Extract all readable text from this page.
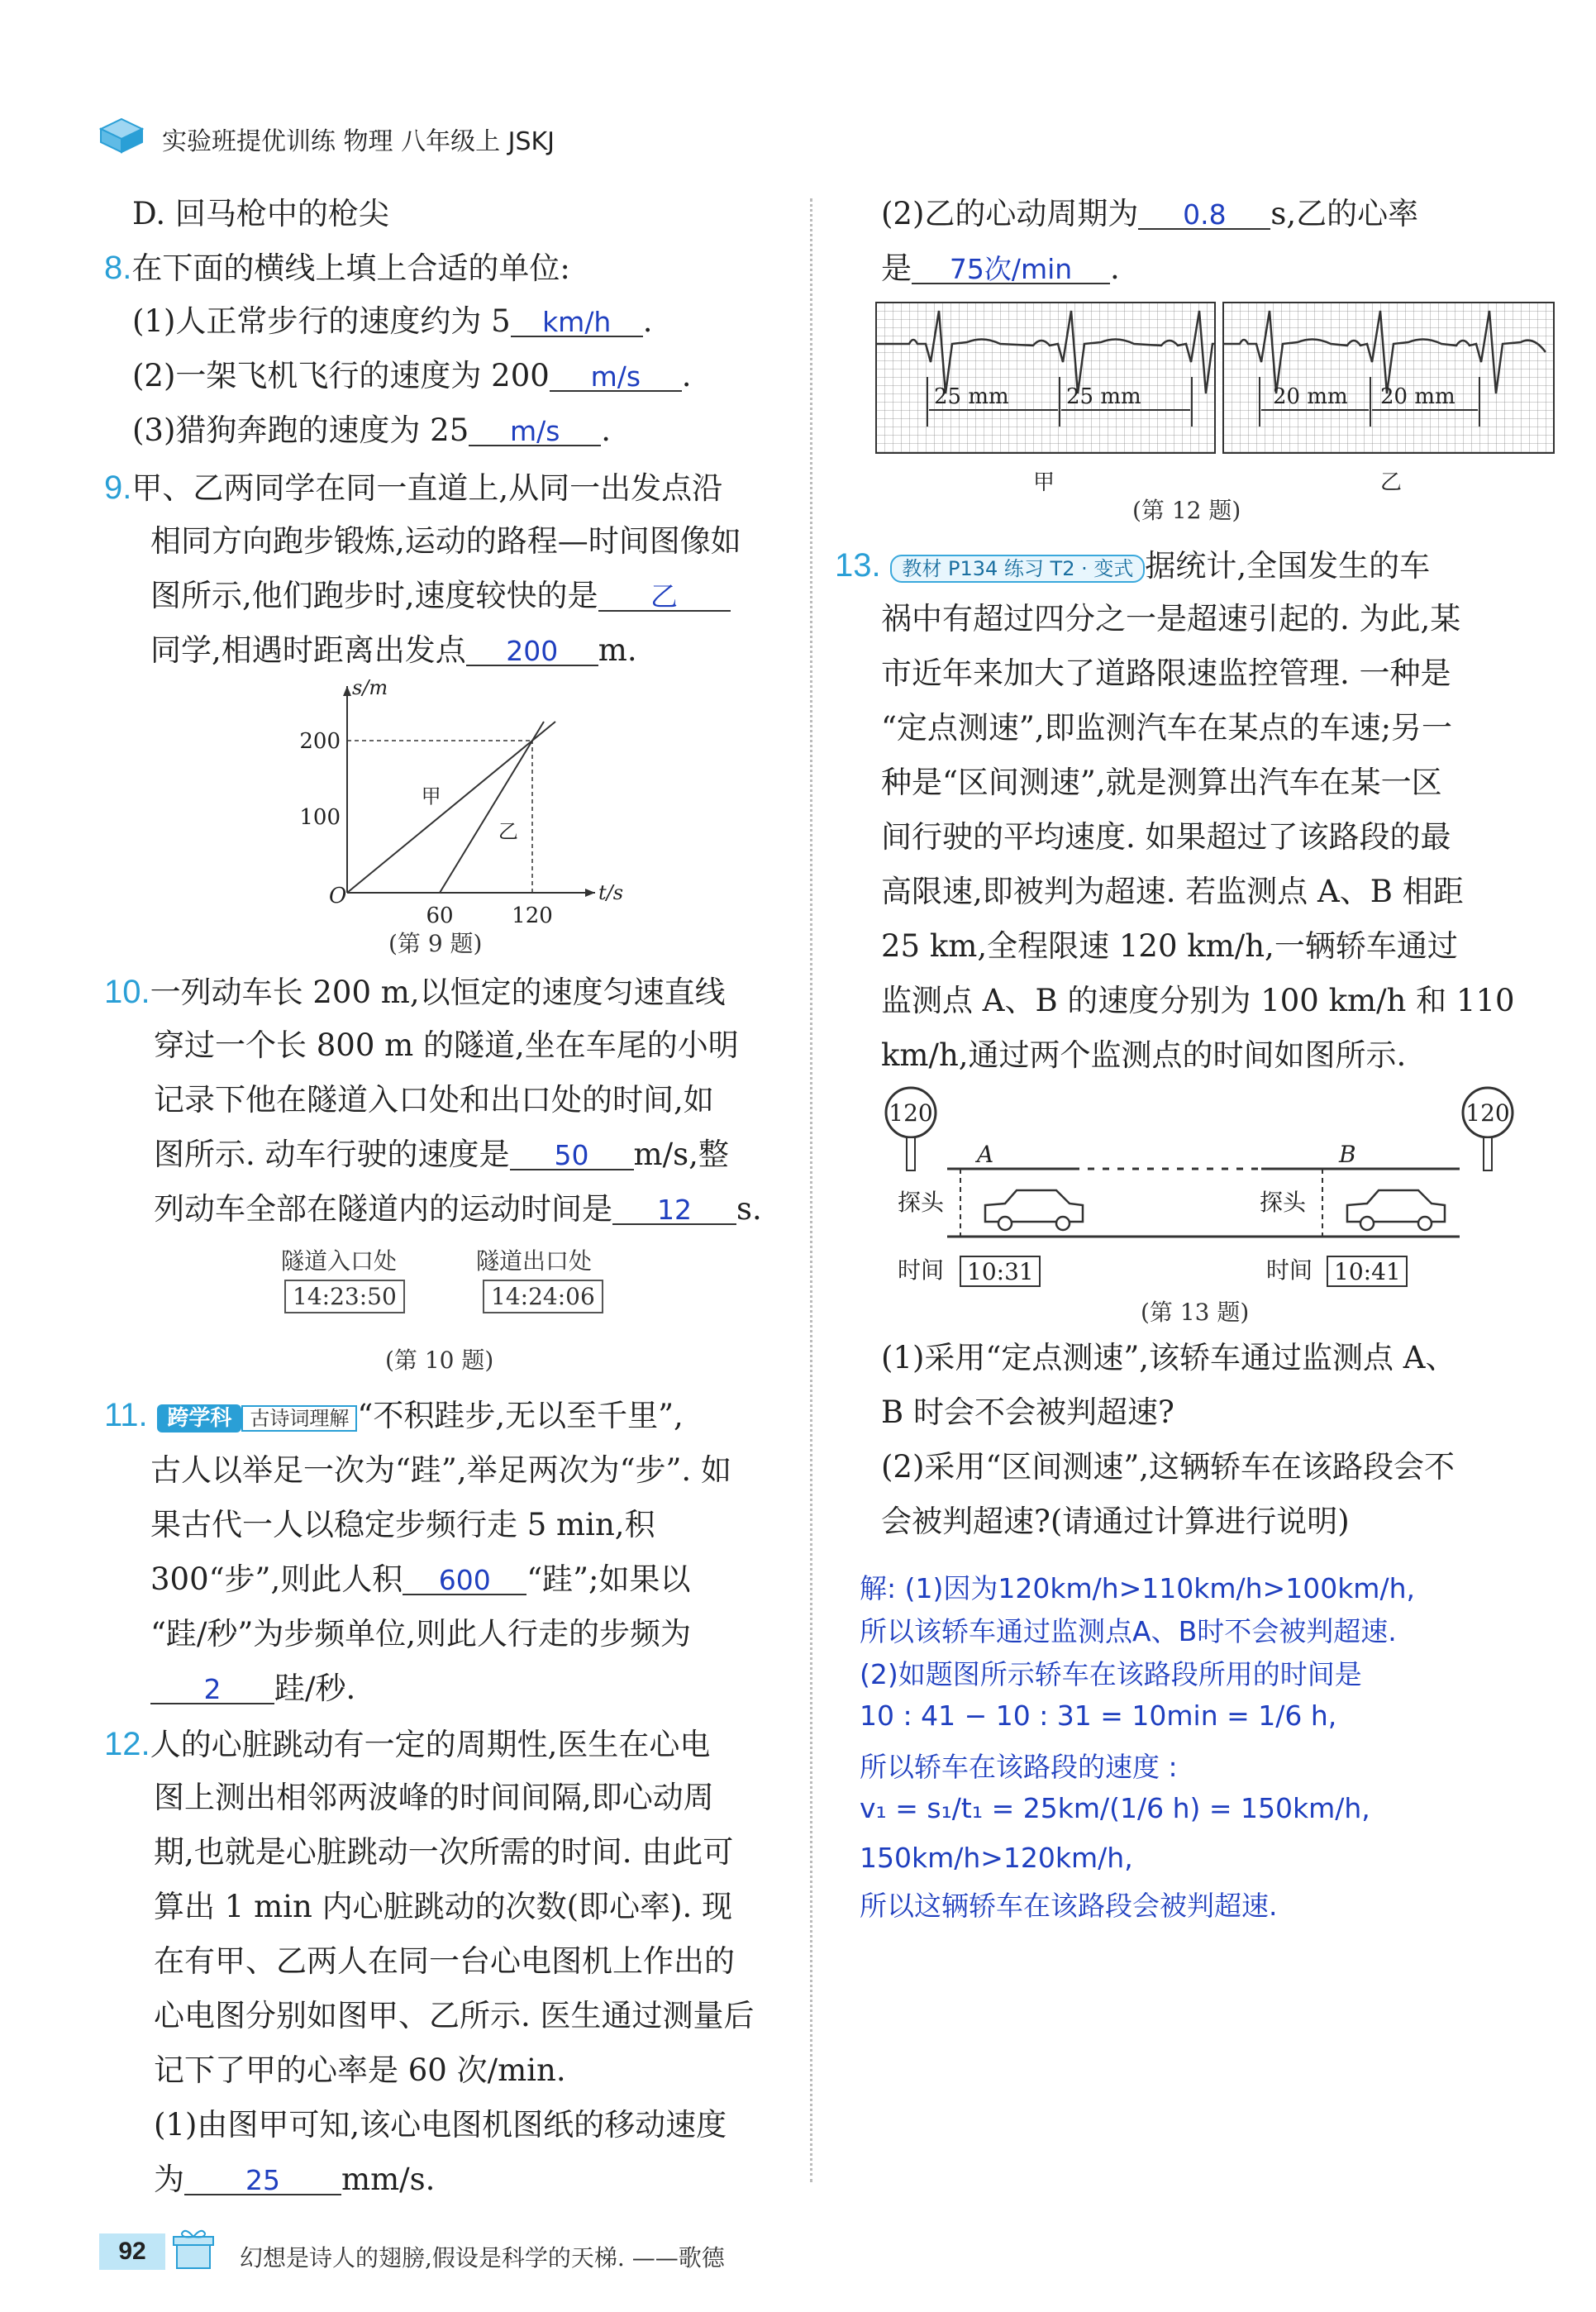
实验班提优训练 物理 八年级上 JSKJ
D. 回马枪中的枪尖
8.在下面的横线上填上合适的单位:
(1)人正常步行的速度约为 5 km/h .
(2)一架飞机飞行的速度为 200 m/s .
(3)猎狗奔跑的速度为 25 m/s .
9.甲、乙两同学在同一直道上,从同一出发点沿
相同方向跑步锻炼,运动的路程—时间图像如
图所示,他们跑步时,速度较快的是 乙
同学,相遇时距离出发点 200 m.
t/s
s/m
O
60	120
100
200
甲
乙
(第 9 题)
10.一列动车长 200 m,以恒定的速度匀速直线
穿过一个长 800 m 的隧道,坐在车尾的小明
记录下他在隧道入口处和出口处的时间,如
图所示. 动车行驶的速度是 50 m/s,整
列动车全部在隧道内的运动时间是 12 s.
隧道入口处
14:23:50
隧道出口处
14:24:06
(第 10 题)
11. 跨学科 古诗词理解 “不积跬步,无以至千里”,
古人以举足一次为“跬”,举足两次为“步”. 如
果古代一人以稳定步频行走 5 min,积
300“步”,则此人积 600 “跬”;如果以
“跬/秒”为步频单位,则此人行走的步频为
2 跬/秒.
12.人的心脏跳动有一定的周期性,医生在心电
图上测出相邻两波峰的时间间隔,即心动周
期,也就是心脏跳动一次所需的时间. 由此可
算出 1 min 内心脏跳动的次数(即心率). 现
在有甲、乙两人在同一台心电图机上作出的
心电图分别如图甲、乙所示. 医生通过测量后
记下了甲的心率是 60 次/min.
(1)由图甲可知,该心电图机图纸的移动速度
为 25 mm/s.
(2)乙的心动周期为 0.8 s,乙的心率
是 75次/min .
25 mm	25 mm	20 mm 20 mm
甲	乙
(第 12 题)
13. 教材 P134 练习 T2 · 变式 据统计,全国发生的车
祸中有超过四分之一是超速引起的. 为此,某
市近年来加大了道路限速监控管理. 一种是
“定点测速”,即监测汽车在某点的车速;另一
种是“区间测速”,就是测算出汽车在某一区
间行驶的平均速度. 如果超过了该路段的最
高限速,即被判为超速. 若监测点 A、B 相距
25 km,全程限速 120 km/h,一辆轿车通过
监测点 A、B 的速度分别为 100 km/h 和 110
km/h,通过两个监测点的时间如图所示.
120	120
A	B
探头	探头
时间 10:31	时间 10:41
(第 13 题)
(1)采用“定点测速”,该轿车通过监测点 A、
B 时会不会被判超速?
(2)采用“区间测速”,这辆轿车在该路段会不
会被判超速?(请通过计算进行说明)
解: (1)因为120km/h>110km/h>100km/h,
所以该轿车通过监测点A、B时不会被判超速.
(2)如题图所示轿车在该路段所用的时间是
10 : 41 − 10 : 31 = 10min = 1/6 h,
所以轿车在该路段的速度 :
v₁ = s₁/t₁ = 25km/(1/6 h) = 150km/h,
150km/h>120km/h,
所以这辆轿车在该路段会被判超速.
92	幻想是诗人的翅膀,假设是科学的天梯. ——歌德
